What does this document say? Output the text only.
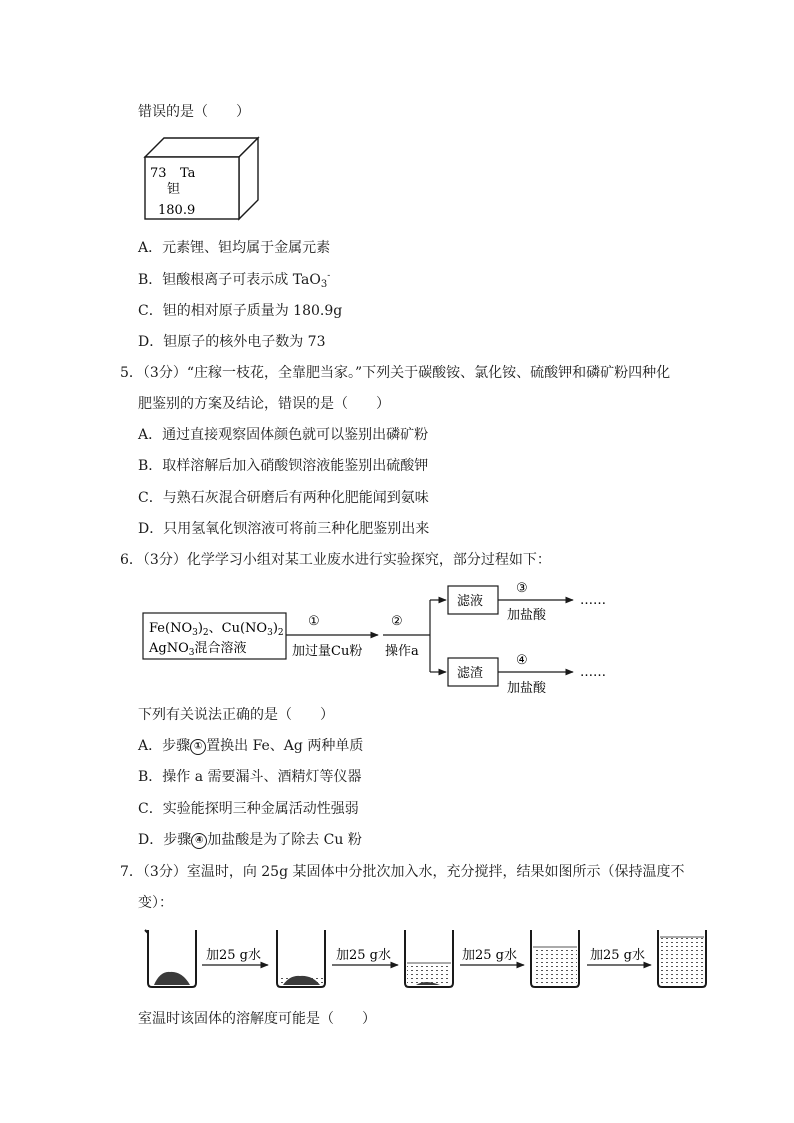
错误的是（　　）
73 Ta
钽
180.9
A．元素锂、钽均属于金属元素
B．钽酸根离子可表示成 TaO$_3$-
C．钽的相对原子质量为 180.9g
D．钽原子的核外电子数为 73
5．（3分）“庄稼一枝花，全靠肥当家。”下列关于碳酸铵、氯化铵、硫酸钾和磷矿粉四种化
肥鉴别的方案及结论，错误的是（　　）
A．通过直接观察固体颜色就可以鉴别出磷矿粉
B．取样溶解后加入硝酸钡溶液能鉴别出硫酸钾
C．与熟石灰混合研磨后有两种化肥能闻到氨味
D．只用氢氧化钡溶液可将前三种化肥鉴别出来
6．（3分）化学学习小组对某工业废水进行实验探究，部分过程如下：
$Fe(NO_3)_2$、$Cu(NO_3)_2$
AgNO$_3$混合溶液
①
加过量Cu粉
②
操作a
滤液
③
加盐酸
……
滤渣
④
加盐酸
……
下列有关说法正确的是（　　）
A．步骤 ① 置换出 Fe、Ag 两种单质
B．操作 a 需要漏斗、酒精灯等仪器
C．实验能探明三种金属活动性强弱
D．步骤 ④ 加盐酸是为了除去 Cu 粉
7．（3分）室温时，向 25g 某固体中分批次加入水，充分搅拌，结果如图所示（保持温度不
变）：
加25 g水	加25 g水	加25 g水	加25 g水
室温时该固体的溶解度可能是（　　）
